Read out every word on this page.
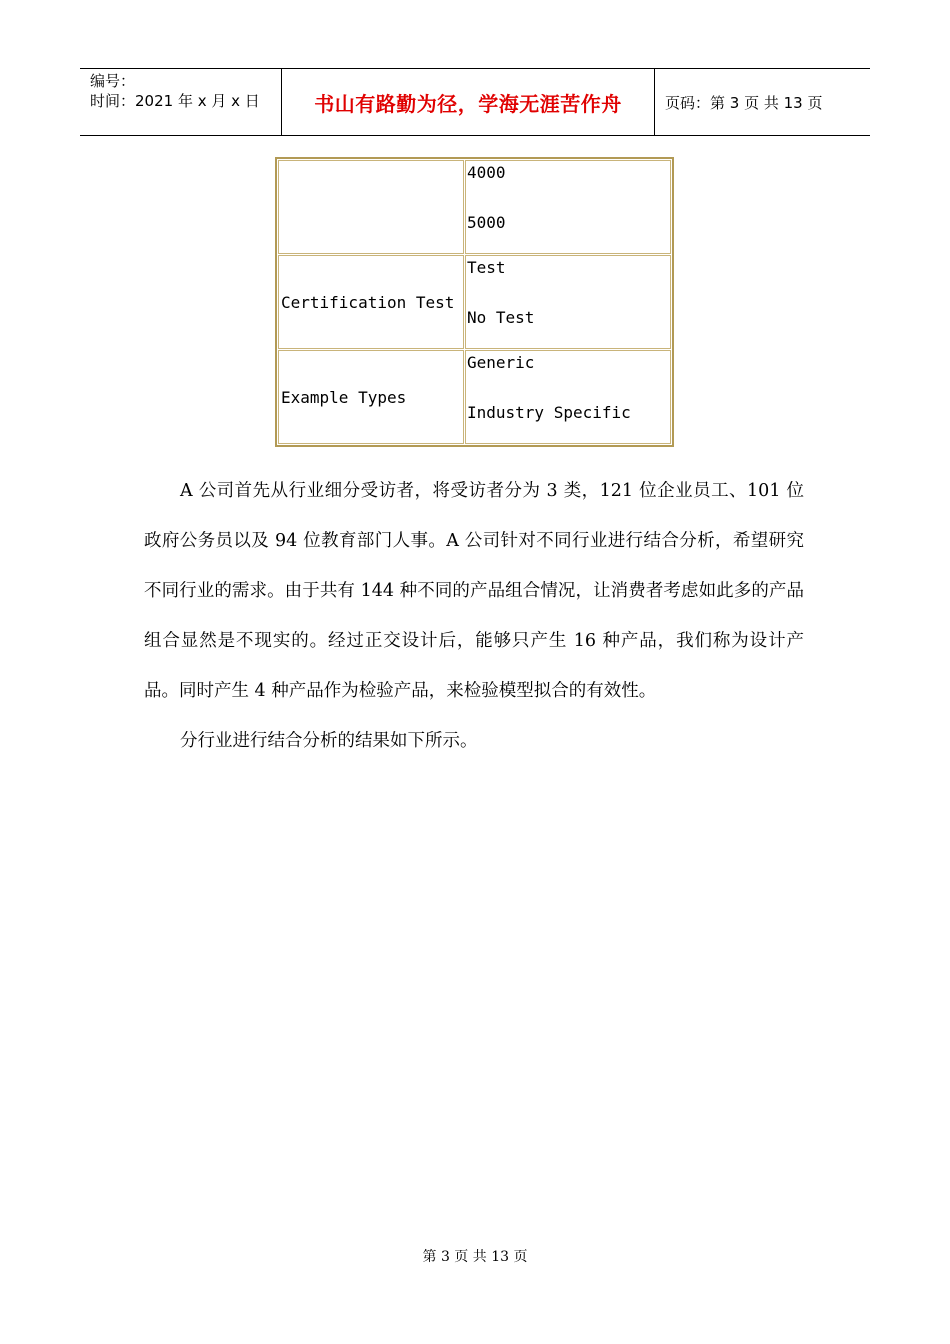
编号：
时间：2021 年 x 月 x 日	书山有路勤为径，学海无涯苦作舟	页码：第 3 页 共 13 页

	4000
5000

Certification Test	Test
No Test

Example Types	Generic
Industry Specific

A 公司首先从行业细分受访者，将受访者分为 3 类，121 位企业员工、101 位政府公务员以及 94 位教育部门人事。A 公司针对不同行业进行结合分析，希望研究不同行业的需求。由于共有 144 种不同的产品组合情况，让消费者考虑如此多的产品组合显然是不现实的。经过正交设计后，能够只产生 16 种产品，我们称为设计产品。同时产生 4 种产品作为检验产品，来检验模型拟合的有效性。

分行业进行结合分析的结果如下所示。

第 3 页 共 13 页
